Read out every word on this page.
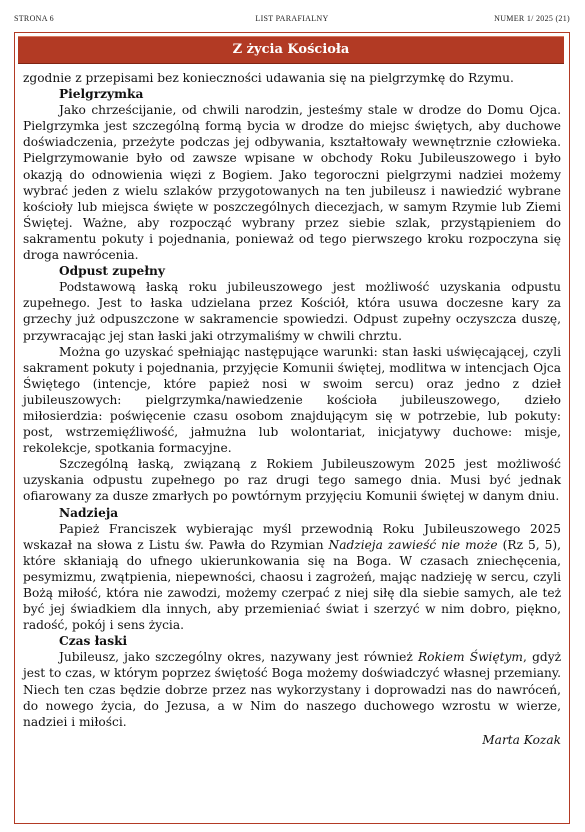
STRONA 6	LIST PARAFIALNY	NUMER 1/ 2025 (21)
Z życia Kościoła

zgodnie z przepisami bez konieczności udawania się na pielgrzymkę do Rzymu.

Pielgrzymka

Jako chrześcijanie, od chwili narodzin, jesteśmy stale w drodze do Domu Ojca. Pielgrzymka jest szczególną formą bycia w drodze do miejsc świętych, aby duchowe doświadczenia, przeżyte podczas jej odbywania, kształtowały wewnętrznie człowieka. Pielgrzymowanie było od zawsze wpisane w obchody Roku Jubileuszowego i było okazją do odnowienia więzi z Bogiem. Jako tegoroczni pielgrzymi nadziei możemy wybrać jeden z wielu szlaków przygotowanych na ten jubileusz i nawiedzić wybrane kościoły lub miejsca święte w poszczególnych diecezjach, w samym Rzymie lub Ziemi Świętej. Ważne, aby rozpocząć wybrany przez siebie szlak, przystąpieniem do sakramentu pokuty i pojednania, ponieważ od tego pierwszego kroku rozpoczyna się droga nawrócenia.

Odpust zupełny

Podstawową łaską roku jubileuszowego jest możliwość uzyskania odpustu zupełnego. Jest to łaska udzielana przez Kościół, która usuwa doczesne kary za grzechy już odpuszczone w sakramencie spowiedzi. Odpust zupełny oczyszcza duszę, przywracając jej stan łaski jaki otrzymaliśmy w chwili chrztu.

Można go uzyskać spełniając następujące warunki: stan łaski uświęcającej, czyli sakrament pokuty i pojednania, przyjęcie Komunii świętej, modlitwa w intencjach Ojca Świętego (intencje, które papież nosi w swoim sercu) oraz jedno z dzieł jubileuszowych: pielgrzymka/nawiedzenie kościoła jubileuszowego, dzieło miłosierdzia: poświęcenie czasu osobom znajdującym się w potrzebie, lub pokuty: post, wstrzemięźliwość, jałmużna lub wolontariat, inicjatywy duchowe: misje, rekolekcje, spotkania formacyjne.

Szczególną łaską, związaną z Rokiem Jubileuszowym 2025 jest możliwość uzyskania odpustu zupełnego po raz drugi tego samego dnia. Musi być jednak ofiarowany za dusze zmarłych po powtórnym przyjęciu Komunii świętej w danym dniu.

Nadzieja

Papież Franciszek wybierając myśl przewodnią Roku Jubileuszowego 2025 wskazał na słowa z Listu św. Pawła do Rzymian Nadzieja zawieść nie może (Rz 5, 5), które skłaniają do ufnego ukierunkowania się na Boga. W czasach zniechęcenia, pesymizmu, zwątpienia, niepewności, chaosu i zagrożeń, mając nadzieję w sercu, czyli Bożą miłość, która nie zawodzi, możemy czerpać z niej siłę dla siebie samych, ale też być jej świadkiem dla innych, aby przemieniać świat i szerzyć w nim dobro, piękno, radość, pokój i sens życia.

Czas łaski

Jubileusz, jako szczególny okres, nazywany jest również Rokiem Świętym, gdyż jest to czas, w którym poprzez świętość Boga możemy doświadczyć własnej przemiany. Niech ten czas będzie dobrze przez nas wykorzystany i doprowadzi nas do nawróceń, do nowego życia, do Jezusa, a w Nim do naszego duchowego wzrostu w wierze, nadziei i miłości.

Marta Kozak
